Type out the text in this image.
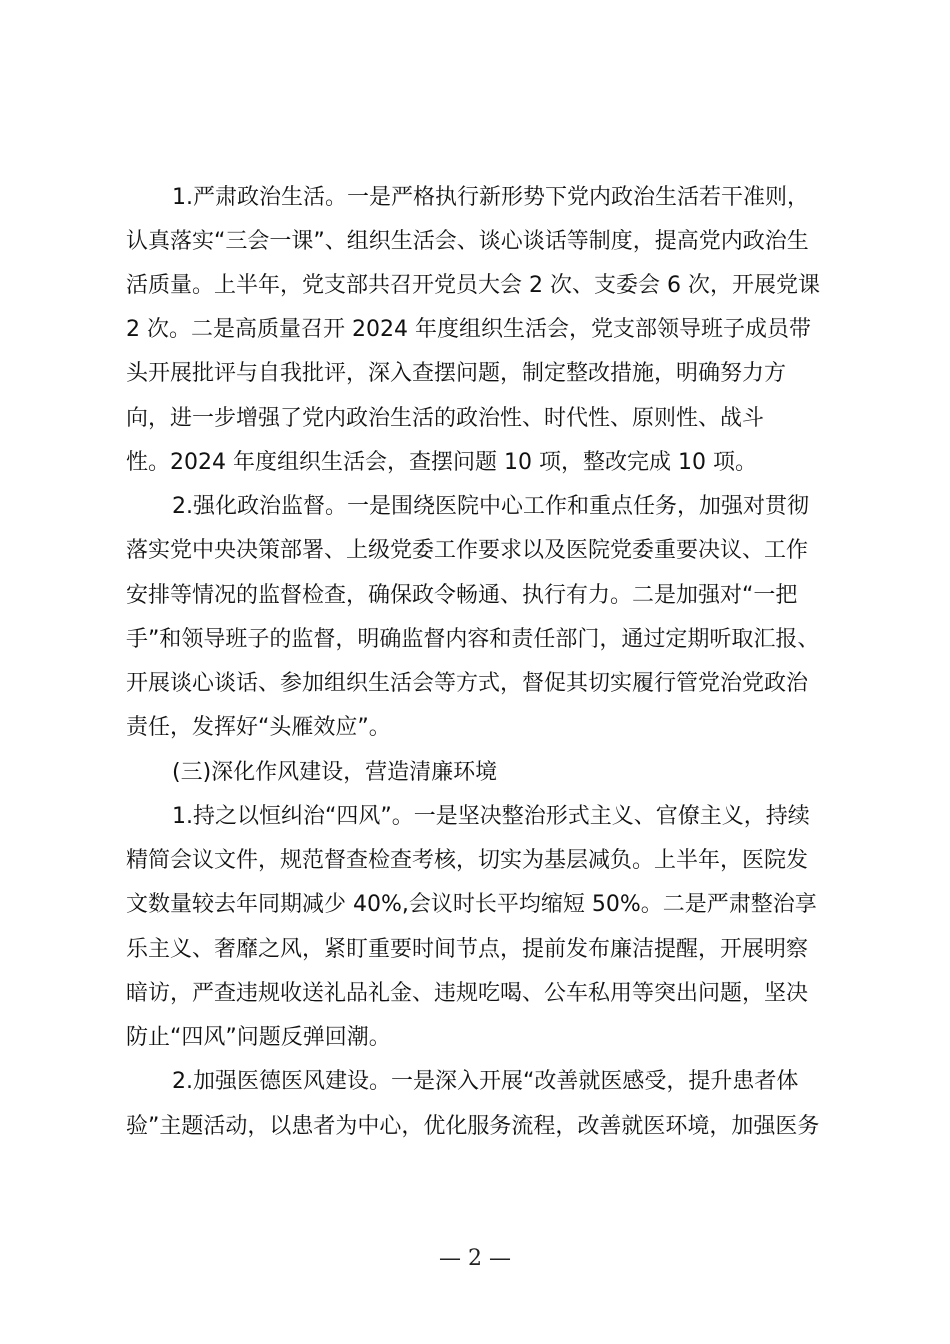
1.严肃政治生活。一是严格执行新形势下党内政治生活若干准则，
认真落实“三会一课”、组织生活会、谈心谈话等制度，提高党内政治生
活质量。上半年，党支部共召开党员大会 2 次、支委会 6 次，开展党课
2 次。二是高质量召开 2024 年度组织生活会，党支部领导班子成员带
头开展批评与自我批评，深入查摆问题，制定整改措施，明确努力方
向，进一步增强了党内政治生活的政治性、时代性、原则性、战斗
性。2024 年度组织生活会，查摆问题 10 项，整改完成 10 项。
2.强化政治监督。一是围绕医院中心工作和重点任务，加强对贯彻
落实党中央决策部署、上级党委工作要求以及医院党委重要决议、工作
安排等情况的监督检查，确保政令畅通、执行有力。二是加强对“一把
手”和领导班子的监督，明确监督内容和责任部门，通过定期听取汇报、
开展谈心谈话、参加组织生活会等方式，督促其切实履行管党治党政治
责任，发挥好“头雁效应”。
(三)深化作风建设，营造清廉环境
1.持之以恒纠治“四风”。一是坚决整治形式主义、官僚主义，持续
精简会议文件，规范督查检查考核，切实为基层减负。上半年，医院发
文数量较去年同期减少 40%,会议时长平均缩短 50%。二是严肃整治享
乐主义、奢靡之风，紧盯重要时间节点，提前发布廉洁提醒，开展明察
暗访，严查违规收送礼品礼金、违规吃喝、公车私用等突出问题，坚决
防止“四风”问题反弹回潮。
2.加强医德医风建设。一是深入开展“改善就医感受，提升患者体
验”主题活动，以患者为中心，优化服务流程，改善就医环境，加强医务
— 2 —
